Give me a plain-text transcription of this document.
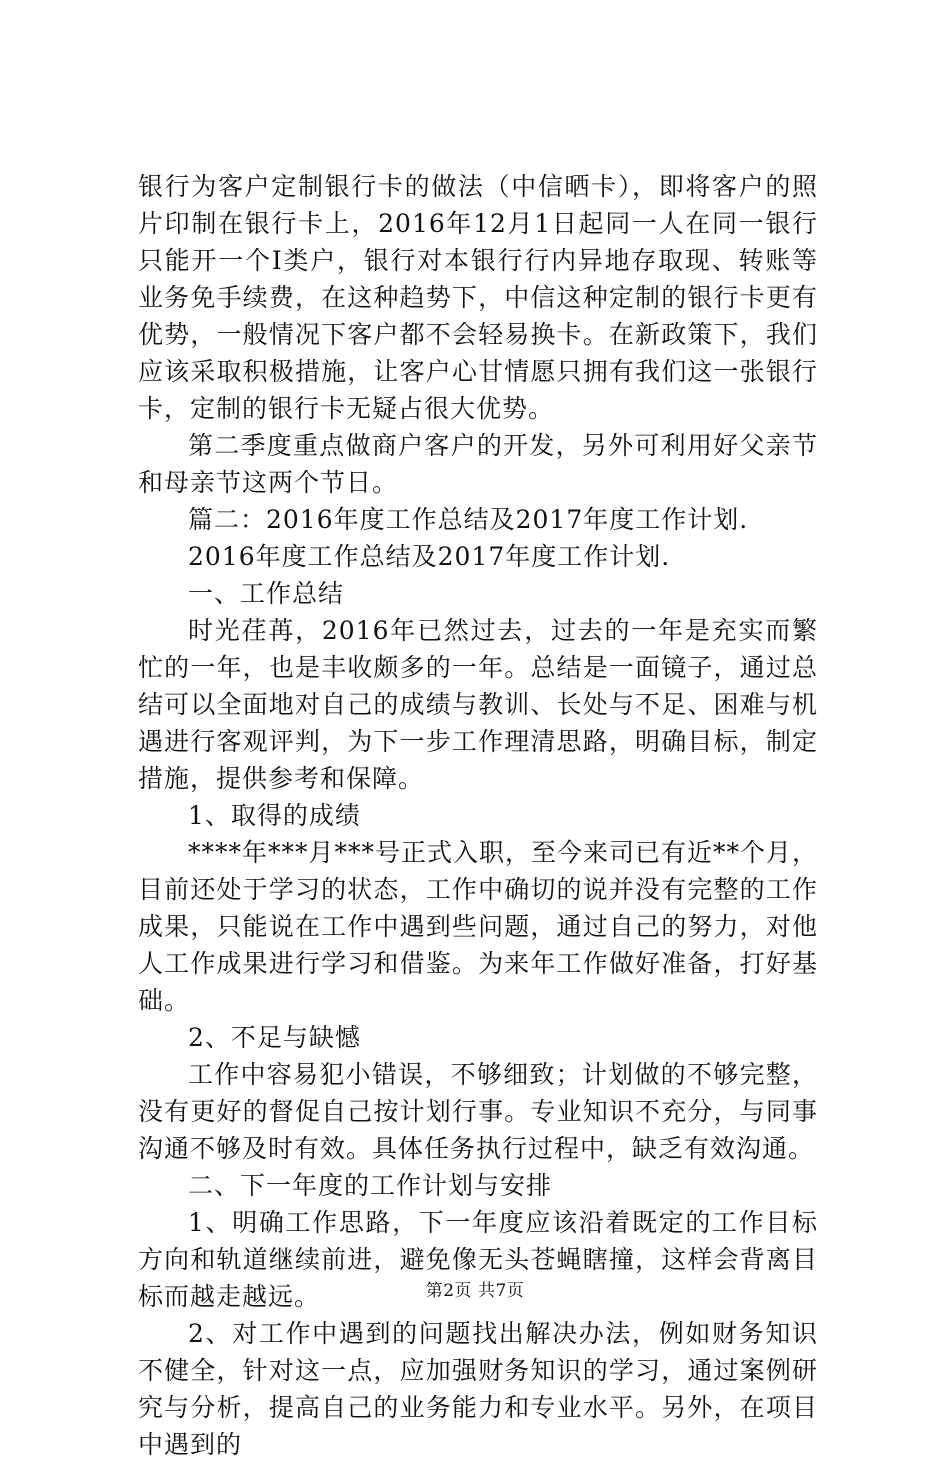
银行为客户定制银行卡的做法（中信晒卡），即将客户的照片印制在银行卡上，2016年12月1日起同一人在同一银行只能开一个Ⅰ类户，银行对本银行行内异地存取现、转账等业务免手续费，在这种趋势下，中信这种定制的银行卡更有优势，一般情况下客户都不会轻易换卡。在新政策下，我们应该采取积极措施，让客户心甘情愿只拥有我们这一张银行卡，定制的银行卡无疑占很大优势。

第二季度重点做商户客户的开发，另外可利用好父亲节和母亲节这两个节日。

篇二：2016年度工作总结及2017年度工作计划.

2016年度工作总结及2017年度工作计划.

一、工作总结

时光荏苒，2016年已然过去，过去的一年是充实而繁忙的一年，也是丰收颇多的一年。总结是一面镜子，通过总结可以全面地对自己的成绩与教训、长处与不足、困难与机遇进行客观评判，为下一步工作理清思路，明确目标，制定措施，提供参考和保障。

1、取得的成绩

****年***月***号正式入职，至今来司已有近**个月，目前还处于学习的状态，工作中确切的说并没有完整的工作成果，只能说在工作中遇到些问题，通过自己的努力，对他人工作成果进行学习和借鉴。为来年工作做好准备，打好基础。

2、不足与缺憾

工作中容易犯小错误，不够细致；计划做的不够完整，没有更好的督促自己按计划行事。专业知识不充分，与同事沟通不够及时有效。具体任务执行过程中，缺乏有效沟通。

二、下一年度的工作计划与安排

1、明确工作思路，下一年度应该沿着既定的工作目标方向和轨道继续前进，避免像无头苍蝇瞎撞，这样会背离目标而越走越远。

2、对工作中遇到的问题找出解决办法，例如财务知识不健全，针对这一点，应加强财务知识的学习，通过案例研究与分析，提高自己的业务能力和专业水平。另外，在项目中遇到的

第2页 共7页
